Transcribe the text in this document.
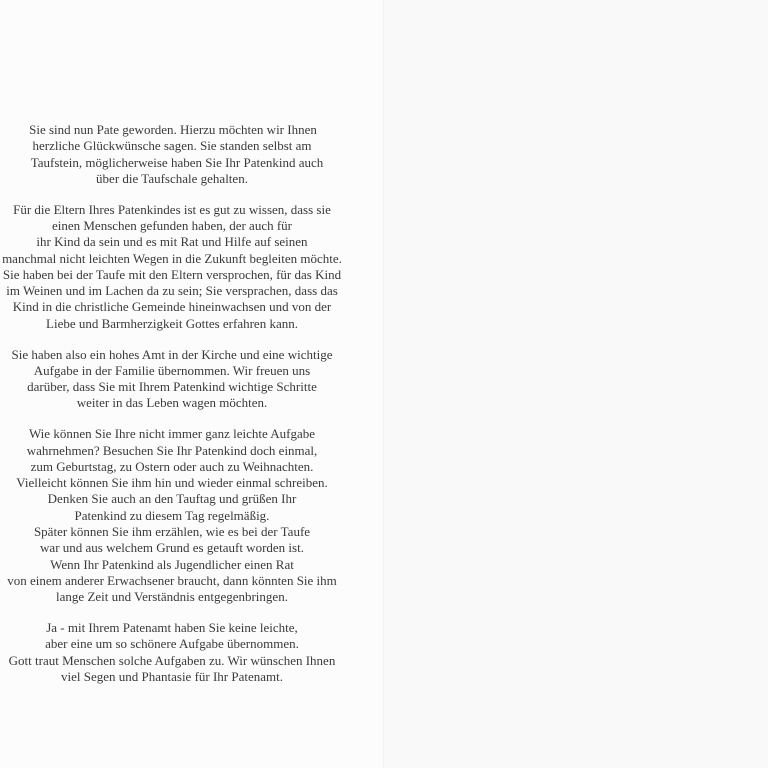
Sie sind nun Pate geworden. Hierzu möchten wir Ihnen
herzliche Glückwünsche sagen. Sie standen selbst am
Taufstein, möglicherweise haben Sie Ihr Patenkind auch
über die Taufschale gehalten.

Für die Eltern Ihres Patenkindes ist es gut zu wissen, dass sie
einen Menschen gefunden haben, der auch für
ihr Kind da sein und es mit Rat und Hilfe auf seinen
manchmal nicht leichten Wegen in die Zukunft begleiten möchte.
Sie haben bei der Taufe mit den Eltern versprochen, für das Kind
im Weinen und im Lachen da zu sein; Sie versprachen, dass das
Kind in die christliche Gemeinde hineinwachsen und von der
Liebe und Barmherzigkeit Gottes erfahren kann.

Sie haben also ein hohes Amt in der Kirche und eine wichtige
Aufgabe in der Familie übernommen. Wir freuen uns
darüber, dass Sie mit Ihrem Patenkind wichtige Schritte
weiter in das Leben wagen möchten.

Wie können Sie Ihre nicht immer ganz leichte Aufgabe
wahrnehmen? Besuchen Sie Ihr Patenkind doch einmal,
zum Geburtstag, zu Ostern oder auch zu Weihnachten.
Vielleicht können Sie ihm hin und wieder einmal schreiben.
Denken Sie auch an den Tauftag und grüßen Ihr
Patenkind zu diesem Tag regelmäßig.
Später können Sie ihm erzählen, wie es bei der Taufe
war und aus welchem Grund es getauft worden ist.
Wenn Ihr Patenkind als Jugendlicher einen Rat
von einem anderer Erwachsener braucht, dann könnten Sie ihm
lange Zeit und Verständnis entgegenbringen.

Ja - mit Ihrem Patenamt haben Sie keine leichte,
aber eine um so schönere Aufgabe übernommen.
Gott traut Menschen solche Aufgaben zu. Wir wünschen Ihnen
viel Segen und Phantasie für Ihr Patenamt.
